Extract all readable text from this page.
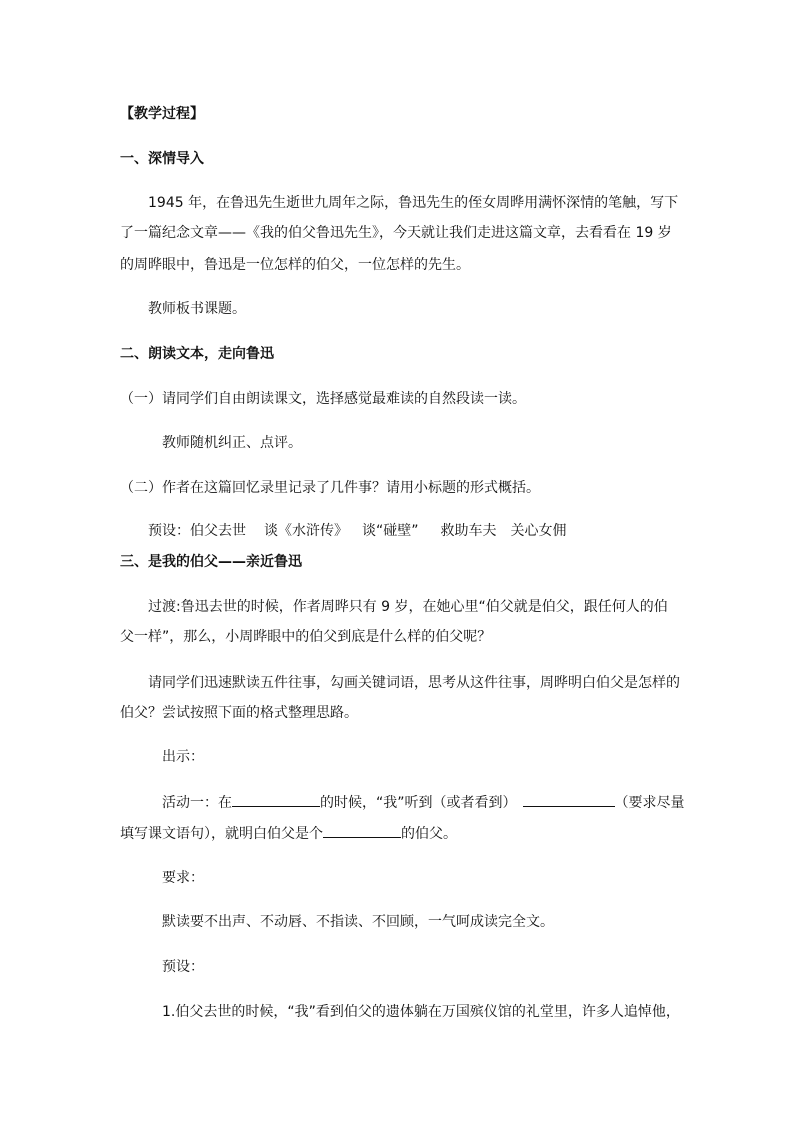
【教学过程】
一、深情导入
1945 年，在鲁迅先生逝世九周年之际，鲁迅先生的侄女周晔用满怀深情的笔触，写下
了一篇纪念文章——《我的伯父鲁迅先生》，今天就让我们走进这篇文章，去看看在 19 岁
的周晔眼中，鲁迅是一位怎样的伯父，一位怎样的先生。
教师板书课题。
二、朗读文本，走向鲁迅
（一）请同学们自由朗读课文，选择感觉最难读的自然段读一读。
教师随机纠正、点评。
（二）作者在这篇回忆录里记录了几件事？请用小标题的形式概括。
预设：伯父去世 谈《水浒传》 谈“碰壁” 救助车夫 关心女佣
三、是我的伯父——亲近鲁迅
过渡:鲁迅去世的时候，作者周晔只有 9 岁，在她心里“伯父就是伯父，跟任何人的伯
父一样”，那么，小周晔眼中的伯父到底是什么样的伯父呢？
请同学们迅速默读五件往事，勾画关键词语，思考从这件往事，周晔明白伯父是怎样的
伯父？尝试按照下面的格式整理思路。
出示：
活动一：在	的时候，“我”听到（或者看到）	（要求尽量
填写课文语句），就明白伯父是个	的伯父。
要求：
默读要不出声、不动唇、不指读、不回顾，一气呵成读完全文。
预设：
1.伯父去世的时候，“我”看到伯父的遗体躺在万国殡仪馆的礼堂里，许多人追悼他，
